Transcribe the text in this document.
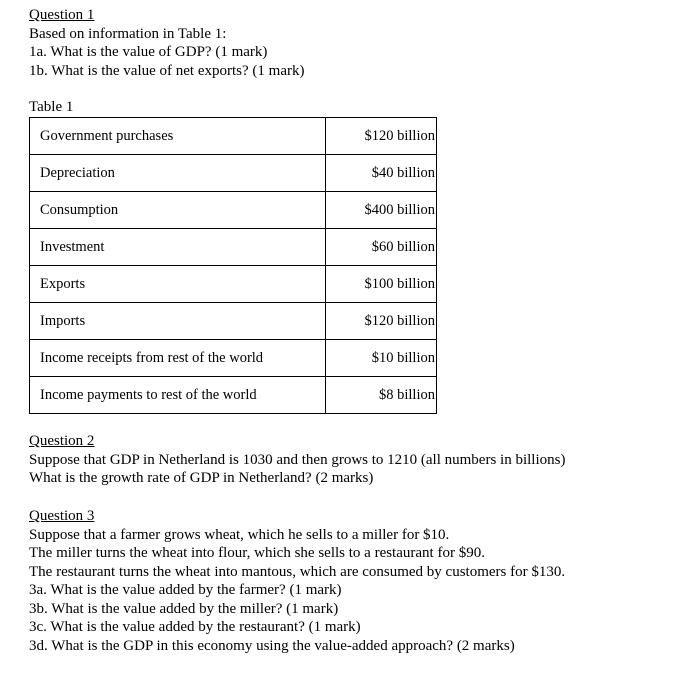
Question 1
Based on information in Table 1:
1a. What is the value of GDP? (1 mark)
1b. What is the value of net exports? (1 mark)
Table 1
Government purchases	$120 billion
Depreciation	$40 billion
Consumption	$400 billion
Investment	$60 billion
Exports	$100 billion
Imports	$120 billion
Income receipts from rest of the world	$10 billion
Income payments to rest of the world	$8 billion
Question 2
Suppose that GDP in Netherland is 1030 and then grows to 1210 (all numbers in billions)
What is the growth rate of GDP in Netherland? (2 marks)
Question 3
Suppose that a farmer grows wheat, which he sells to a miller for $10.
The miller turns the wheat into flour, which she sells to a restaurant for $90.
The restaurant turns the wheat into mantous, which are consumed by customers for $130.
3a. What is the value added by the farmer? (1 mark)
3b. What is the value added by the miller? (1 mark)
3c. What is the value added by the restaurant? (1 mark)
3d. What is the GDP in this economy using the value-added approach? (2 marks)
